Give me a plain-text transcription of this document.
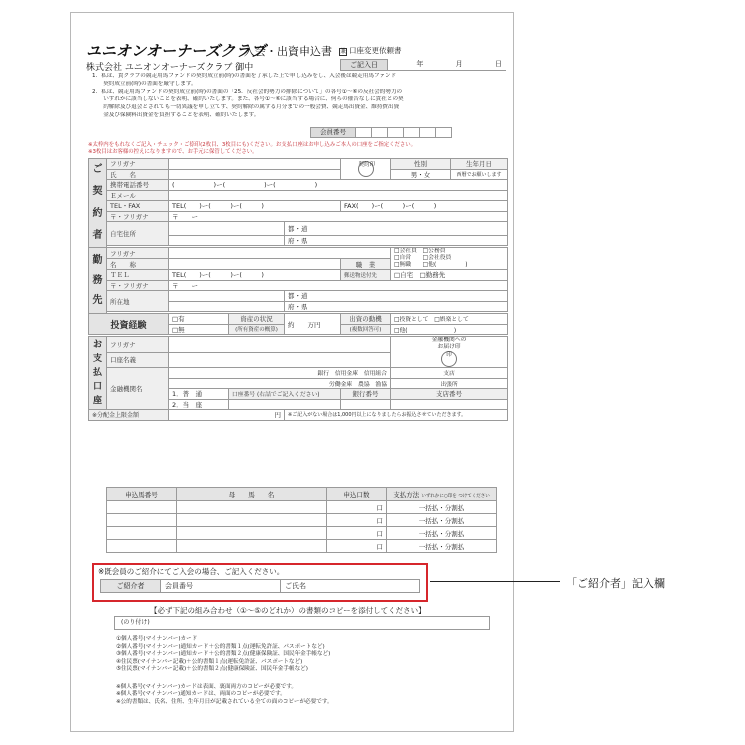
ユニオンオーナーズクラブ
入会・出資申込書 兼 口座変更依頼書
株式会社 ユニオンオーナーズクラブ 御中	ご記入日	年	月	日

1．私は、貴クラブの競走用馬ファンドの契約成立前(時)の書面を了承した上で申し込みをし、入会後は競走用馬ファンド

　　契約成立前(時)の書面を厳守します。

2．私は、競走用馬ファンドの契約成立前(時)の書面の「25．反社会的勢力の排除について」の各号①～⑥の反社会的勢力の

　　いずれかに該当しないことを表明、確約いたします。また、各号①～⑥に該当する場合に、何らの催告なしに貴社との契

　　約解除及び退会とされても一切異議を申し立てず、契約解除の属する月分までの一般会費、競走馬出資金、維持費出資

　　金及び保険料出資金を負担することを表明、確約いたします。

会員番号
※太枠内をもれなくご記入・チェック・ご捺印(2枚目、3枚目にも)ください。お支払口座はお申し込みご本人の口座をご指定ください。
※3枚目はお客様の控えになりますので、お手元に保管してください。
ご契約者	フリガナ				契約印	性別	生年月日
	氏　　名					男・女	西暦でお願いします
	携帯電話番号	(　　　　　　)ー(　　　　　　)ー(　　　　　　)					
	Ｅメール						
	TEL・FAX	TEL(　　)ー(　　　)ー(　　　)			FAX(　　)ー(　　　)ー(　　　)		
	〒・フリガナ	〒　　ー					
	自宅住所			都・道			
				府・県			

勤務先	フリガナ					□会社員　□公務員
□自営　　□会社役員
□無職　　□他(　　　　　)	

	名　　称				職　業		
	ＴＥＬ	TEL(　　)ー(　　　)ー(　　　)			郵送物送付先	□自宅　□勤務先	
	〒・フリガナ	〒　　ー					
	所在地			都・道			
				府・県			

投資経験		□有	資産の状況	約　　 万円	出資の動機	□投資として　□娯楽として	
		□無	(所有資産の概算)		(複数回答可)	□他(　　　　　　　　)	

お支払口座	フリガナ					金融機関への
お届け印
印	
	口座名義						
	金融機関名	銀行　信用金庫　信用組合				支店	
		労働金庫　農協　漁協				出張所	
		1．普　通	口座番号 (右詰でご記入ください)		銀行番号	支店番号	
		2．当　座					
※分配金上限金額		円		※ご記入がない場合は1,000円以上になりましたらお振込させていただきます。			
申込馬番号	母　　馬　　名	申込口数	支払方法 いずれかに○印を つけてください
		口	一括払・分割払
		口	一括払・分割払
		口	一括払・分割払
		口	一括払・分割払
※既会員のご紹介にてご入会の場合、ご記入ください。
ご紹介者	会員番号	ご氏名	「ご紹介者」記入欄
【必ず下記の組み合わせ（①～⑤のどれか）の書類のコピーを添付してください】
(のり付け)
①個人番号(マイナンバー)カード
②個人番号(マイナンバー)通知カード＋公的書類１点(運転免許証、パスポートなど)
③個人番号(マイナンバー)通知カード＋公的書類２点(健康保険証、国民年金手帳など)
④住民票(マイナンバー記載)＋公的書類１点(運転免許証、パスポートなど)
⑤住民票(マイナンバー記載)＋公的書類２点(健康保険証、国民年金手帳など)
※個人番号(マイナンバー)カードは表面、裏面両方のコピーが必要です。
※個人番号(マイナンバー)通知カードは、両面のコピーが必要です。
※公的書類は、氏名、住所、生年月日が記載されている全ての面のコピーが必要です。
